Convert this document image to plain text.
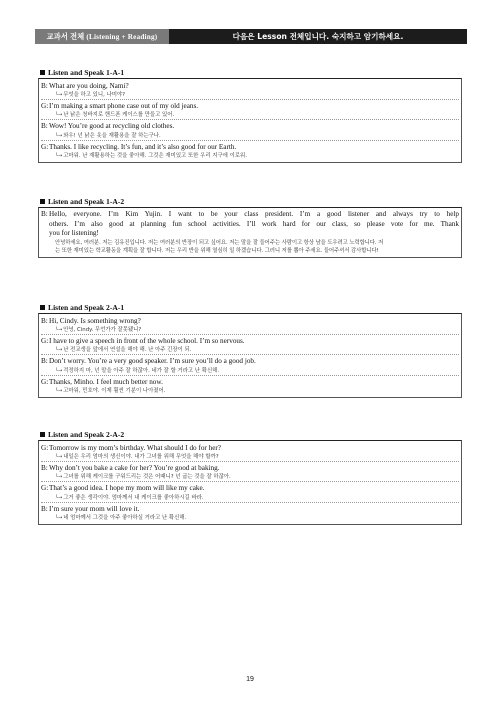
교과서 전체 (Listening + Reading)	다음은 Lesson 전체입니다. 숙지하고 암기하세요.
Listen and Speak 1-A-1
B: What are you doing, Nami?
└→ 무엇을 하고 있니, 나미야?
G: I’m making a smart phone case out of my old jeans.
└→ 난 낡은 청바지로 핸드폰 케이스를 만들고 있어.
B: Wow! You’re good at recycling old clothes.
└→ 와우! 넌 낡은 옷을 재활용을 잘 하는구나.
G: Thanks. I like recycling. It’s fun, and it’s also good for our Earth.
└→ 고마워. 난 재활용하는 것을 좋아해. 그것은 재미있고 또한 우리 지구에 이로워.
Listen and Speak 1-A-2
B: Hello, everyone. I’m Kim Yujin. I want to be your class president. I’m a good listener and always try to help
others. I’m also good at planning fun school activities. I’ll work hard for our class, so please vote for me. Thank
you for listening!
안녕하세요, 여러분. 저는 김유진입니다. 저는 여러분의 반장이 되고 싶어요. 저는 말을 잘 들어주는 사람이고 항상 남을 도우려고 노력합니다. 저
는 또한 재미있는 학교활동을 계획을 잘 합니다. 저는 우리 반을 위해 열심히 일 하겠습니다. 그러니 저를 뽑아 주세요. 들어주셔서 감사합니다!
Listen and Speak 2-A-1
B: Hi, Cindy. Is something wrong?
└→ 안녕, Cindy. 무언가가 잘못됐니?
G: I have to give a speech in front of the whole school. I’m so nervous.
└→ 난 전교생을 앞에서 연설을 해야 해. 난 아주 긴장이 되.
B: Don’t worry. You’re a very good speaker. I’m sure you’ll do a good job.
└→ 걱정하지 마, 넌 말을 아주 잘 하잖아. 네가 잘 할 거라고 난 확신해.
G: Thanks, Minho. I feel much better now.
└→ 고마워, 민호야. 이제 훨씬 기분이 나아졌어.
Listen and Speak 2-A-2
G: Tomorrow is my mom’s birthday. What should I do for her?
└→ 내일은 우리 엄마의 생신이야. 내가 그녀를 위해 무엇을 해야 할까?
B: Why don’t you bake a cake for her? You’re good at baking.
└→ 그녀를 위해 케이크를 구워드리는 것은 어때니? 넌 굽는 것을 잘 하잖아.
G: That’s a good idea. I hope my mom will like my cake.
└→ 그거 좋은 생각이야. 엄마께서 내 케이크를 좋아하시길 바라.
B: I’m sure your mom will love it.
└→ 네 엄마께서 그것을 아주 좋아하실 거라고 난 확신해.
19
